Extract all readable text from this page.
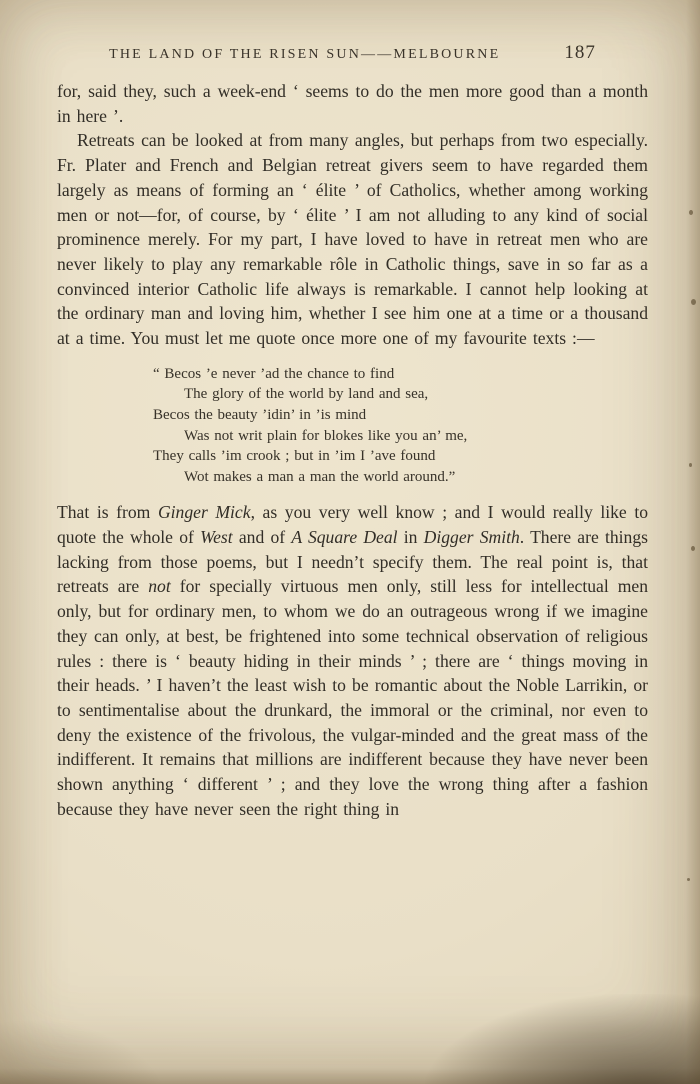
THE LAND OF THE RISEN SUN——MELBOURNE	187

for, said they, such a week-end ‘ seems to do the men more good than a month in here ’.

Retreats can be looked at from many angles, but perhaps from two especially. Fr. Plater and French and Belgian retreat givers seem to have regarded them largely as means of forming an ‘ élite ’ of Catholics, whether among working men or not—for, of course, by ‘ élite ’ I am not alluding to any kind of social prominence merely. For my part, I have loved to have in retreat men who are never likely to play any remarkable rôle in Catholic things, save in so far as a convinced interior Catholic life always is remarkable. I cannot help looking at the ordinary man and loving him, whether I see him one at a time or a thousand at a time. You must let me quote once more one of my favourite texts :—

“ Becos ’e never ’ad the chance to find
The glory of the world by land and sea,
Becos the beauty ’idin’ in ’is mind
Was not writ plain for blokes like you an’ me,
They calls ’im crook ; but in ’im I ’ave found
Wot makes a man a man the world around.”

That is from Ginger Mick, as you very well know ; and I would really like to quote the whole of West and of A Square Deal in Digger Smith. There are things lacking from those poems, but I needn’t specify them. The real point is, that retreats are not for specially virtuous men only, still less for intellectual men only, but for ordinary men, to whom we do an outrageous wrong if we imagine they can only, at best, be frightened into some technical observation of religious rules : there is ‘ beauty hiding in their minds ’ ; there are ‘ things moving in their heads. ’ I haven’t the least wish to be romantic about the Noble Larrikin, or to sentimentalise about the drunkard, the immoral or the criminal, nor even to deny the existence of the frivolous, the vulgar-minded and the great mass of the indifferent. It remains that millions are indifferent because they have never been shown anything ‘ different ’ ; and they love the wrong thing after a fashion because they have never seen the right thing in
